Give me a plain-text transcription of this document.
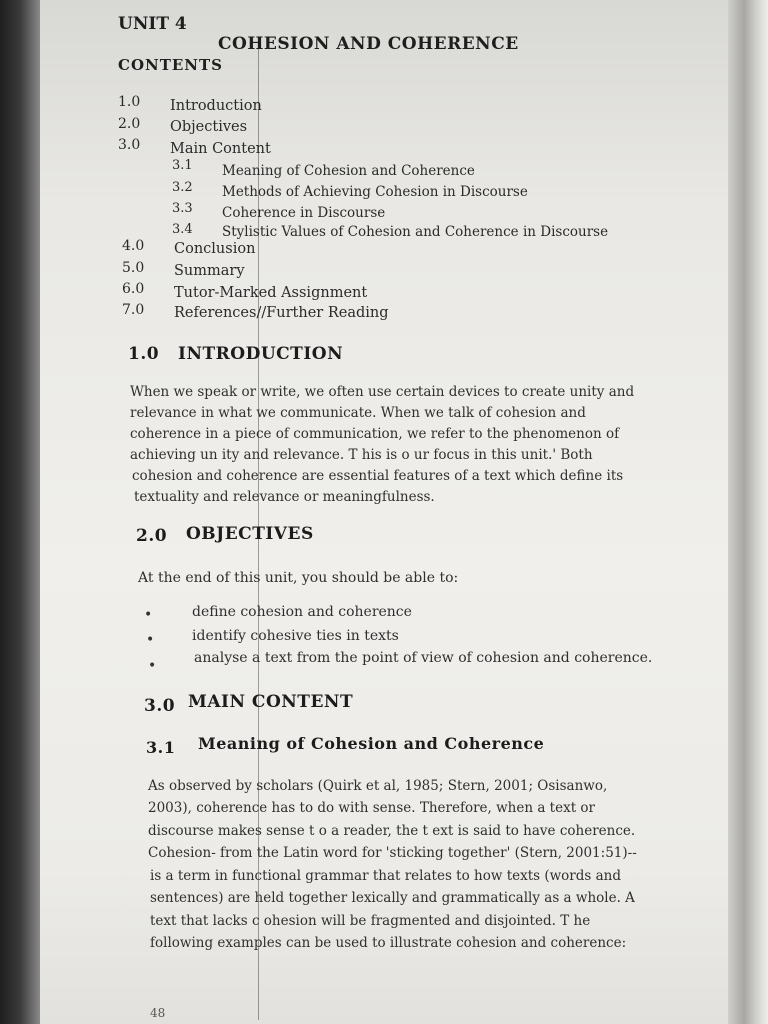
UNIT 4
COHESION AND COHERENCE
CONTENTS
1.0 Introduction
2.0 Objectives
3.0 Main Content
3.1 Meaning of Cohesion and Coherence
3.2 Methods of Achieving Cohesion in Discourse
3.3 Coherence in Discourse
3.4 Stylistic Values of Cohesion and Coherence in Discourse
4.0 Conclusion
5.0 Summary
6.0 Tutor-Marked Assignment
7.0 References//Further Reading
1.0 INTRODUCTION
When we speak or write, we often use certain devices to create unity and
relevance in what we communicate. When we talk of cohesion and
coherence in a piece of communication, we refer to the phenomenon of
achieving un ity and relevance. T his is o ur focus in this unit.' Both
cohesion and coherence are essential features of a text which define its
textuality and relevance or meaningfulness.
2.0 OBJECTIVES
At the end of this unit, you should be able to:
•	define cohesion and coherence
•	identify cohesive ties in texts
•	analyse a text from the point of view of cohesion and coherence.
3.0 MAIN CONTENT
3.1 Meaning of Cohesion and Coherence
As observed by scholars (Quirk et al, 1985; Stern, 2001; Osisanwo,
2003), coherence has to do with sense. Therefore, when a text or
discourse makes sense t o a reader, the t ext is said to have coherence.
Cohesion- from the Latin word for 'sticking together' (Stern, 2001:51)--
is a term in functional grammar that relates to how texts (words and
sentences) are held together lexically and grammatically as a whole. A
text that lacks c ohesion will be fragmented and disjointed. T he
following examples can be used to illustrate cohesion and coherence:
48
